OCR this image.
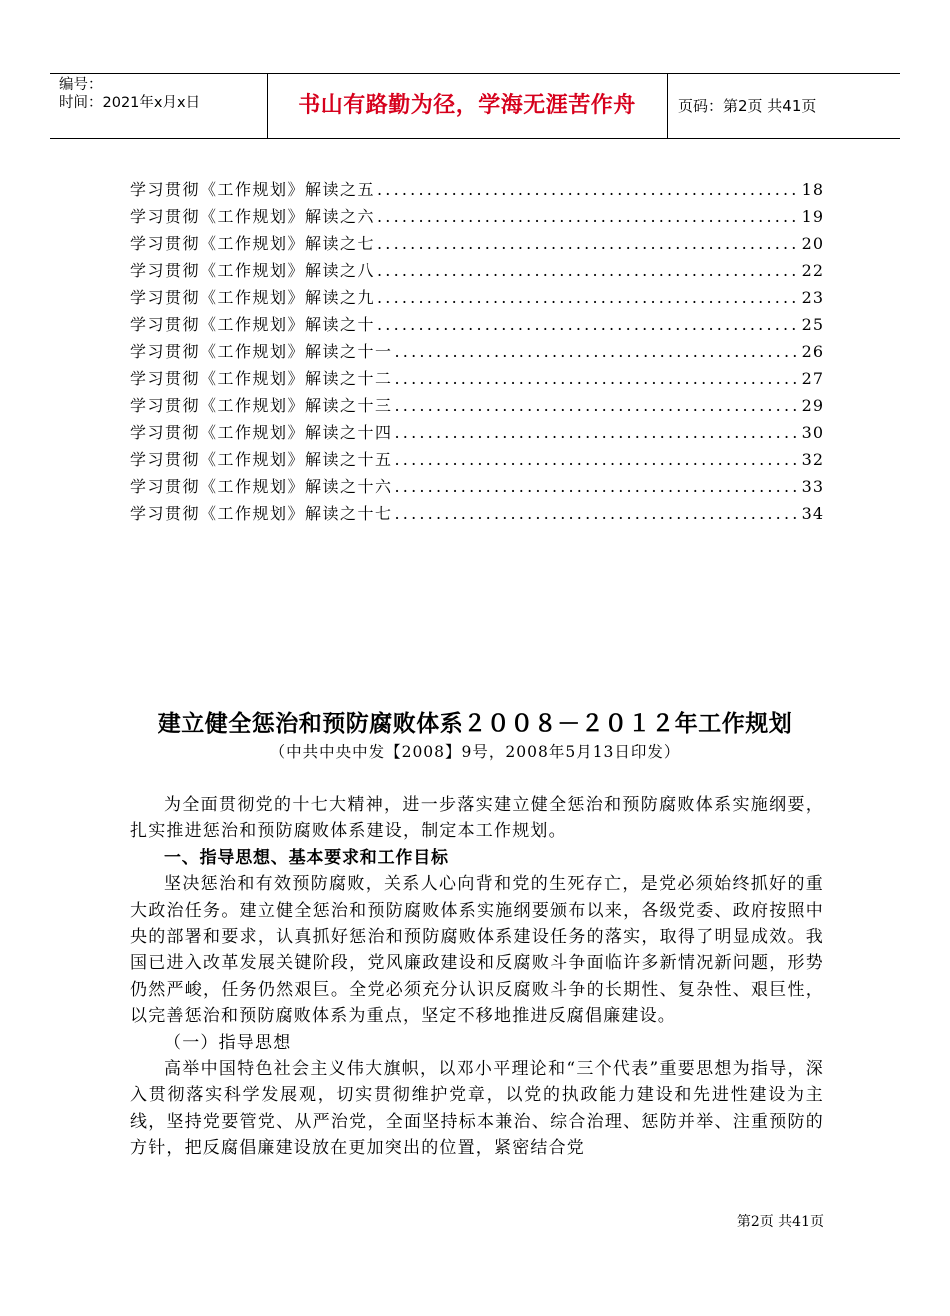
编号：
时间：2021年x月x日	书山有路勤为径，学海无涯苦作舟	页码：第2页 共41页
学习贯彻《工作规划》解读之五 .....	18
学习贯彻《工作规划》解读之六 .....	19
学习贯彻《工作规划》解读之七 .....	20
学习贯彻《工作规划》解读之八 .....	22
学习贯彻《工作规划》解读之九 .....	23
学习贯彻《工作规划》解读之十 .....	25
学习贯彻《工作规划》解读之十一 .....	26
学习贯彻《工作规划》解读之十二 .....	27
学习贯彻《工作规划》解读之十三 .....	29
学习贯彻《工作规划》解读之十四 .....	30
学习贯彻《工作规划》解读之十五 .....	32
学习贯彻《工作规划》解读之十六 .....	33
学习贯彻《工作规划》解读之十七 .....	34
建立健全惩治和预防腐败体系２００８－２０１２年工作规划
（中共中央中发【2008】9号，2008年5月13日印发）

为全面贯彻党的十七大精神，进一步落实建立健全惩治和预防腐败体系实施纲要，扎实推进惩治和预防腐败体系建设，制定本工作规划。

一、指导思想、基本要求和工作目标

坚决惩治和有效预防腐败，关系人心向背和党的生死存亡，是党必须始终抓好的重大政治任务。建立健全惩治和预防腐败体系实施纲要颁布以来，各级党委、政府按照中央的部署和要求，认真抓好惩治和预防腐败体系建设任务的落实，取得了明显成效。我国已进入改革发展关键阶段，党风廉政建设和反腐败斗争面临许多新情况新问题，形势仍然严峻，任务仍然艰巨。全党必须充分认识反腐败斗争的长期性、复杂性、艰巨性，以完善惩治和预防腐败体系为重点，坚定不移地推进反腐倡廉建设。

（一）指导思想

高举中国特色社会主义伟大旗帜，以邓小平理论和“三个代表”重要思想为指导，深入贯彻落实科学发展观，切实贯彻维护党章，以党的执政能力建设和先进性建设为主线，坚持党要管党、从严治党，全面坚持标本兼治、综合治理、惩防并举、注重预防的方针，把反腐倡廉建设放在更加突出的位置，紧密结合党

第2页 共41页
